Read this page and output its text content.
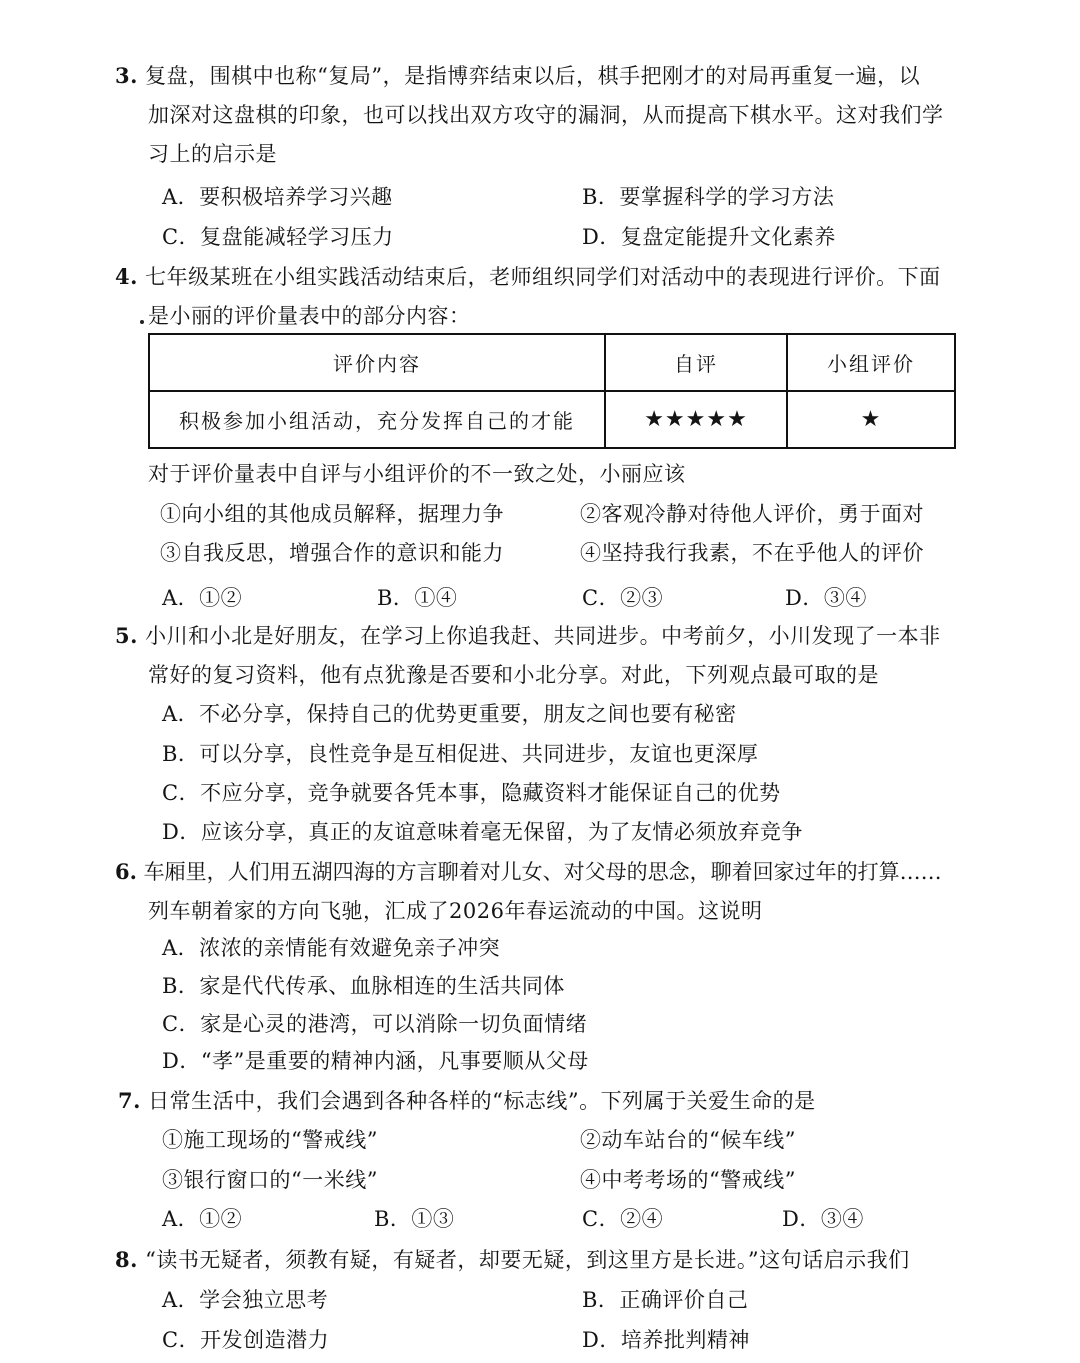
3. 复盘，围棋中也称“复局”，是指博弈结束以后，棋手把刚才的对局再重复一遍，以
加深对这盘棋的印象，也可以找出双方攻守的漏洞，从而提高下棋水平。这对我们学
习上的启示是
A．要积极培养学习兴趣	B．要掌握科学的学习方法
C．复盘能减轻学习压力	D．复盘定能提升文化素养
4. 七年级某班在小组实践活动结束后，老师组织同学们对活动中的表现进行评价。下面
是小丽的评价量表中的部分内容：
评价内容	自评	小组评价
积极参加小组活动，充分发挥自己的才能	★★★★★	★
对于评价量表中自评与小组评价的不一致之处，小丽应该
①向小组的其他成员解释，据理力争	②客观冷静对待他人评价，勇于面对
③自我反思，增强合作的意识和能力	④坚持我行我素，不在乎他人的评价
A．①②	B．①④	C．②③	D．③④
5. 小川和小北是好朋友，在学习上你追我赶、共同进步。中考前夕，小川发现了一本非
常好的复习资料，他有点犹豫是否要和小北分享。对此，下列观点最可取的是
A．不必分享，保持自己的优势更重要，朋友之间也要有秘密
B．可以分享，良性竞争是互相促进、共同进步，友谊也更深厚
C．不应分享，竞争就要各凭本事，隐藏资料才能保证自己的优势
D．应该分享，真正的友谊意味着毫无保留，为了友情必须放弃竞争
6. 车厢里，人们用五湖四海的方言聊着对儿女、对父母的思念，聊着回家过年的打算……
列车朝着家的方向飞驰，汇成了2026年春运流动的中国。这说明
A．浓浓的亲情能有效避免亲子冲突
B．家是代代传承、血脉相连的生活共同体
C．家是心灵的港湾，可以消除一切负面情绪
D．“孝”是重要的精神内涵，凡事要顺从父母
7. 日常生活中，我们会遇到各种各样的“标志线”。下列属于关爱生命的是
①施工现场的“警戒线”	②动车站台的“候车线”
③银行窗口的“一米线”	④中考考场的“警戒线”
A．①②	B．①③	C．②④	D．③④
8. “读书无疑者，须教有疑，有疑者，却要无疑，到这里方是长进。”这句话启示我们
A．学会独立思考	B．正确评价自己
C．开发创造潜力	D．培养批判精神
